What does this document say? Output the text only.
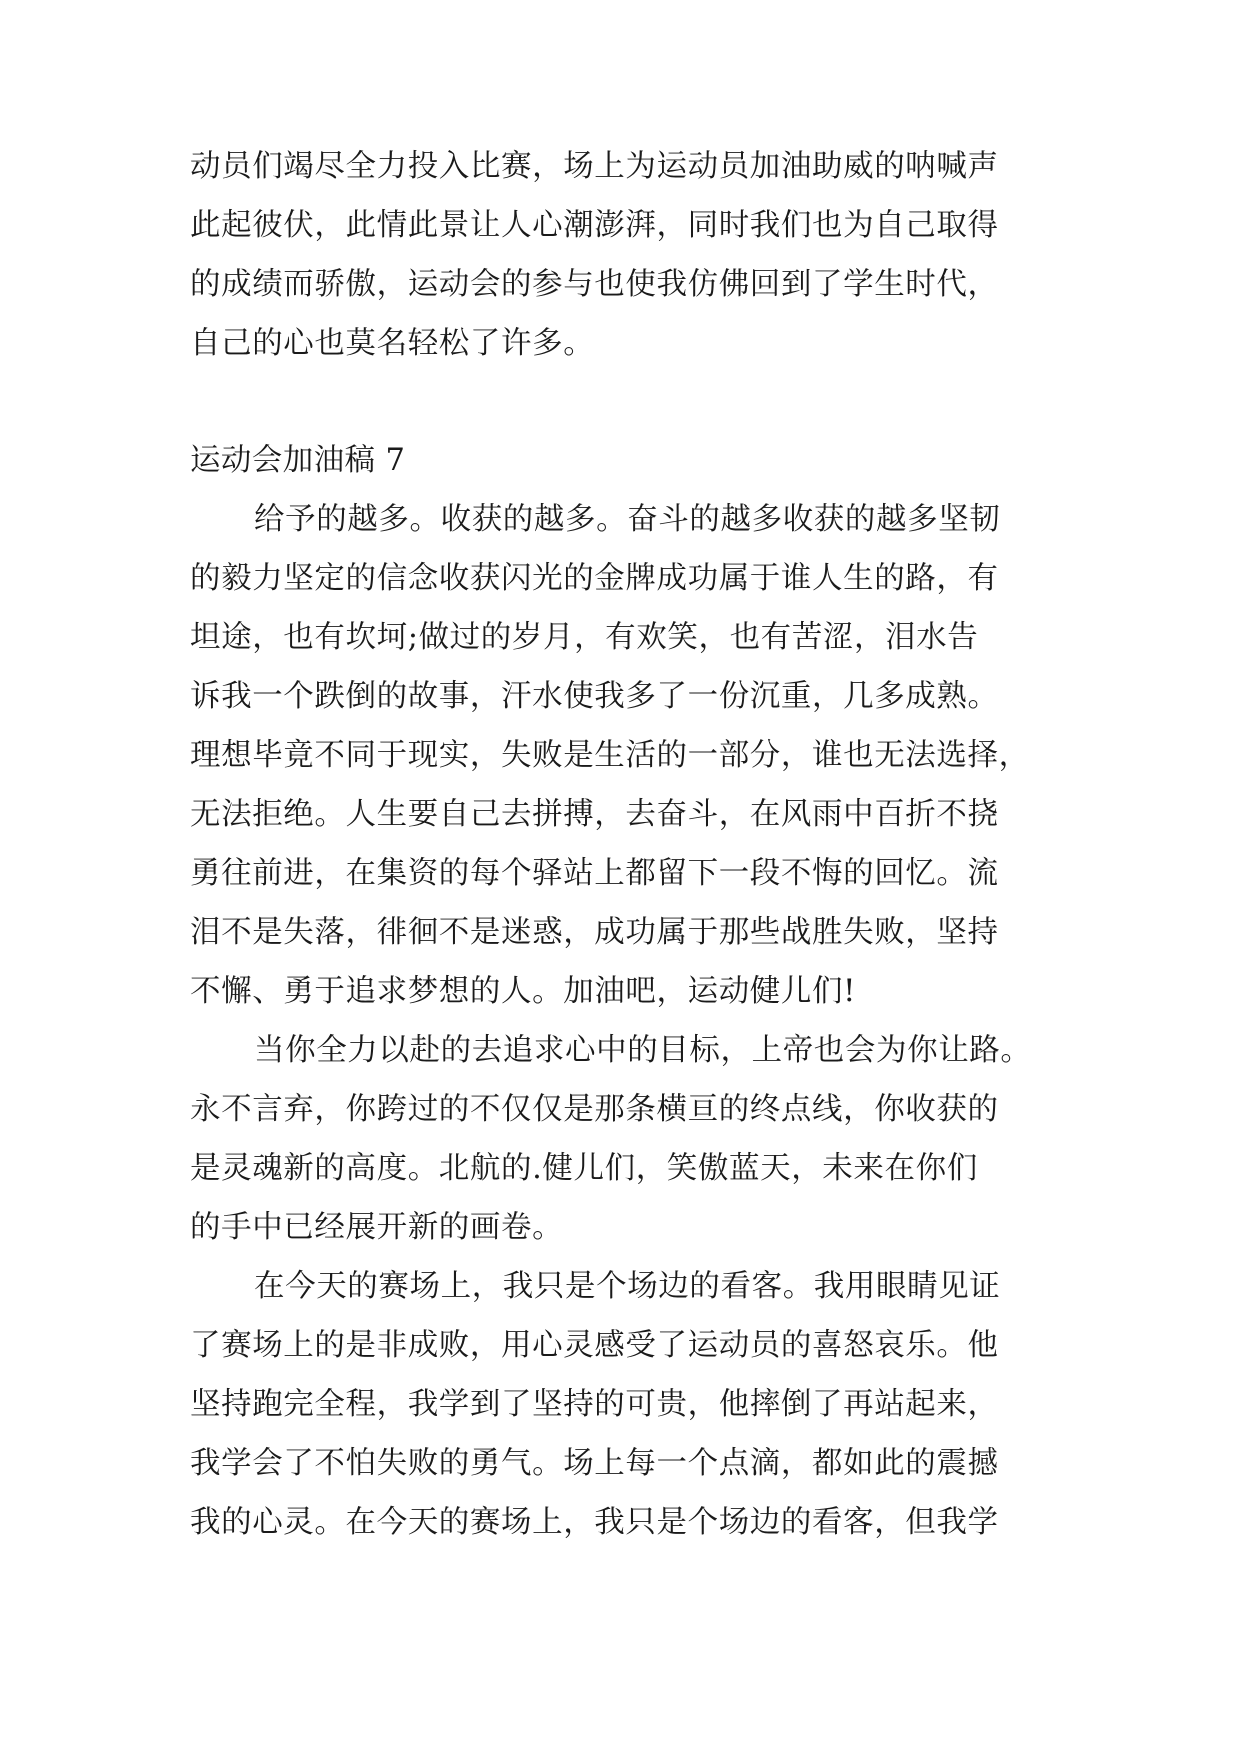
动员们竭尽全力投入比赛，场上为运动员加油助威的呐喊声
此起彼伏，此情此景让人心潮澎湃，同时我们也为自己取得
的成绩而骄傲，运动会的参与也使我仿佛回到了学生时代，
自己的心也莫名轻松了许多。
运动会加油稿 7
给予的越多。收获的越多。奋斗的越多收获的越多坚韧
的毅力坚定的信念收获闪光的金牌成功属于谁人生的路，有
坦途，也有坎坷;做过的岁月，有欢笑，也有苦涩，泪水告
诉我一个跌倒的故事，汗水使我多了一份沉重，几多成熟。
理想毕竟不同于现实，失败是生活的一部分，谁也无法选择，
无法拒绝。人生要自己去拼搏，去奋斗，在风雨中百折不挠
勇往前进，在集资的每个驿站上都留下一段不悔的回忆。流
泪不是失落，徘徊不是迷惑，成功属于那些战胜失败，坚持
不懈、勇于追求梦想的人。加油吧，运动健儿们!
当你全力以赴的去追求心中的目标，上帝也会为你让路。
永不言弃，你跨过的不仅仅是那条横亘的终点线，你收获的
是灵魂新的高度。北航的.健儿们，笑傲蓝天，未来在你们
的手中已经展开新的画卷。
在今天的赛场上，我只是个场边的看客。我用眼睛见证
了赛场上的是非成败，用心灵感受了运动员的喜怒哀乐。他
坚持跑完全程，我学到了坚持的可贵，他摔倒了再站起来，
我学会了不怕失败的勇气。场上每一个点滴，都如此的震撼
我的心灵。在今天的赛场上，我只是个场边的看客，但我学
